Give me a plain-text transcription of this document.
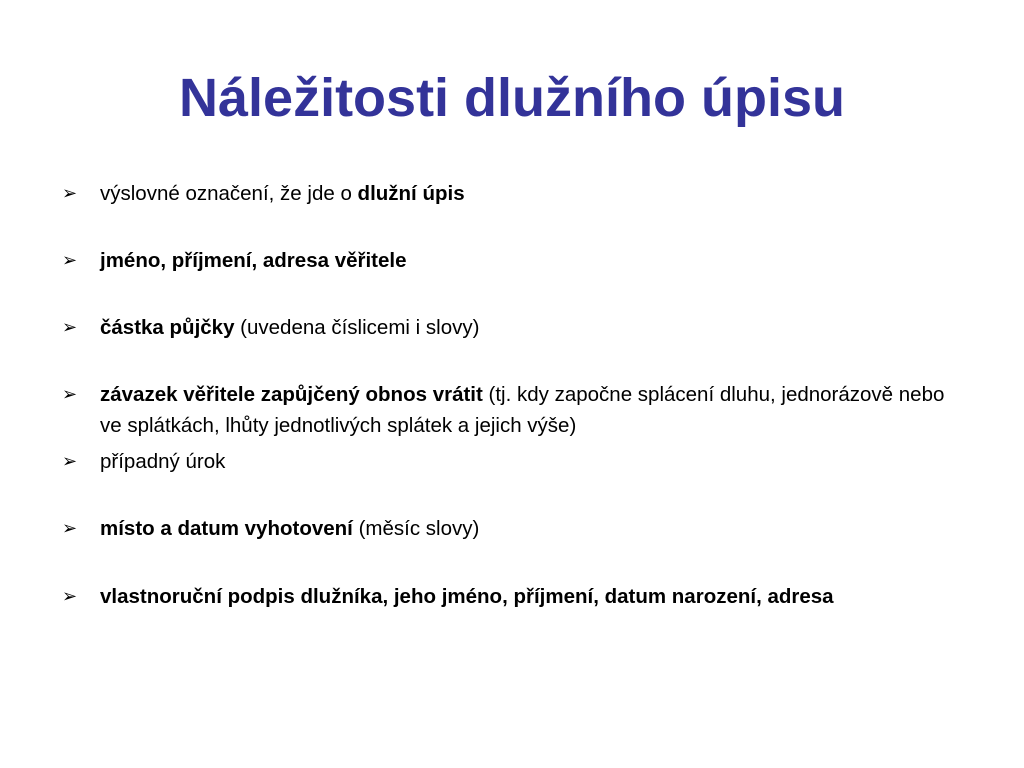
Náležitosti dlužního úpisu
➢	výslovné označení, že jde o dlužní úpis
➢	jméno, příjmení, adresa věřitele
➢	částka půjčky (uvedena číslicemi i slovy)
➢	závazek věřitele zapůjčený obnos vrátit (tj. kdy započne splácení dluhu, jednorázově nebo ve splátkách, lhůty jednotlivých splátek a jejich výše)
➢	případný úrok
➢	místo a datum vyhotovení (měsíc slovy)
➢	vlastnoruční podpis dlužníka, jeho jméno, příjmení, datum narození, adresa
